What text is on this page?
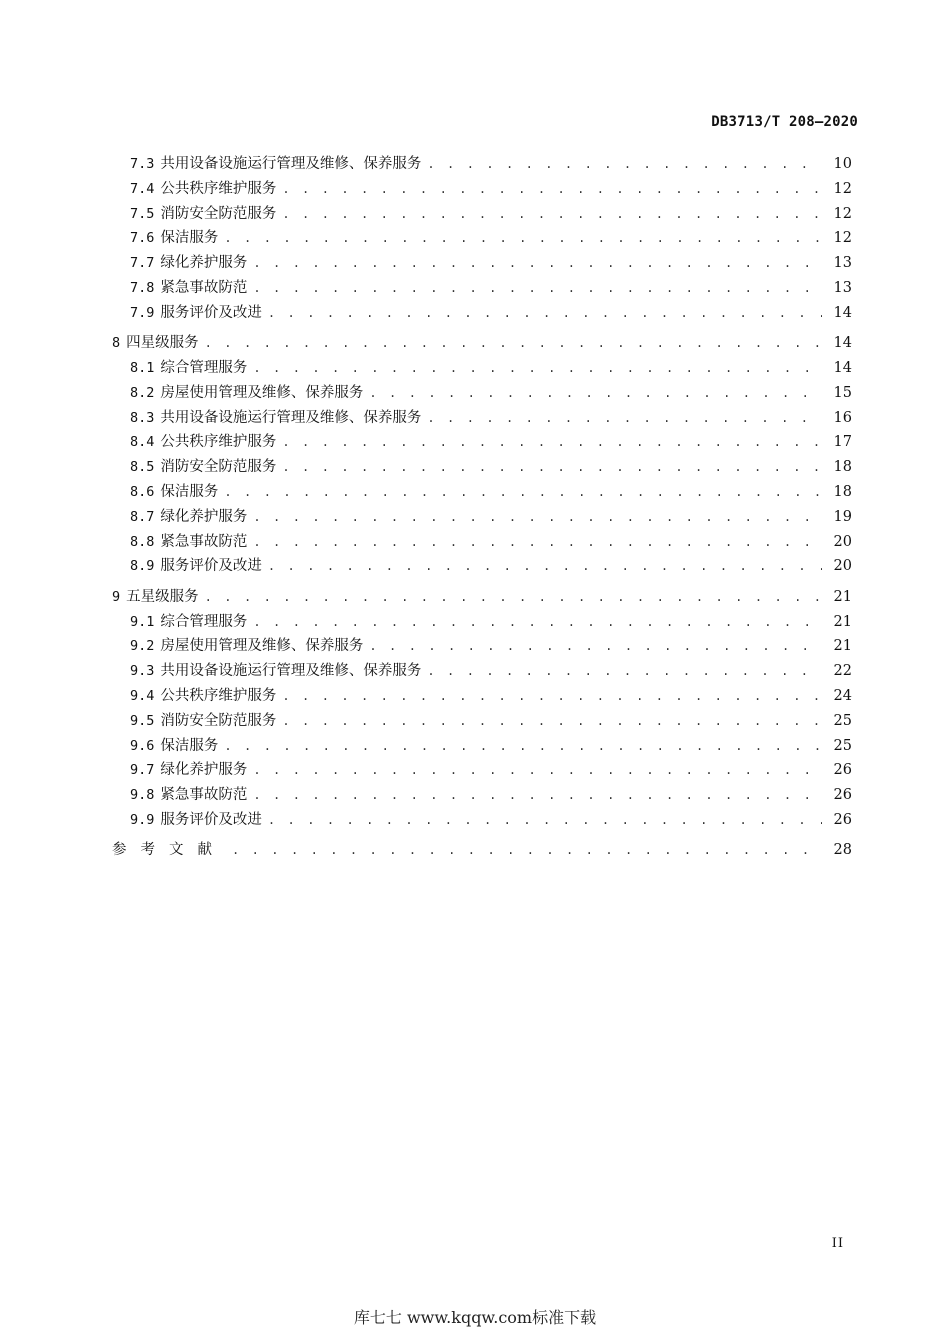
DB3713/T 208—2020
7.3 共用设备设施运行管理及维修、保养服务 . . .	10
7.4 公共秩序维护服务 . . .	12
7.5 消防安全防范服务 . . .	12
7.6 保洁服务 . . .	12
7.7 绿化养护服务 . . .	13
7.8 紧急事故防范 . . .	13
7.9 服务评价及改进 . . .	14
8 四星级服务 . . .	14
8.1 综合管理服务 . . .	14
8.2 房屋使用管理及维修、保养服务 . . .	15
8.3 共用设备设施运行管理及维修、保养服务 . . .	16
8.4 公共秩序维护服务 . . .	17
8.5 消防安全防范服务 . . .	18
8.6 保洁服务 . . .	18
8.7 绿化养护服务 . . .	19
8.8 紧急事故防范 . . .	20
8.9 服务评价及改进 . . .	20
9 五星级服务 . . .	21
9.1 综合管理服务 . . .	21
9.2 房屋使用管理及维修、保养服务 . . .	21
9.3 共用设备设施运行管理及维修、保养服务 . . .	22
9.4 公共秩序维护服务 . . .	24
9.5 消防安全防范服务 . . .	25
9.6 保洁服务 . . .	25
9.7 绿化养护服务 . . .	26
9.8 紧急事故防范 . . .	26
9.9 服务评价及改进 . . .	26
参考文献 . . .	28
II
库七七 www.kqqw.com标准下载
